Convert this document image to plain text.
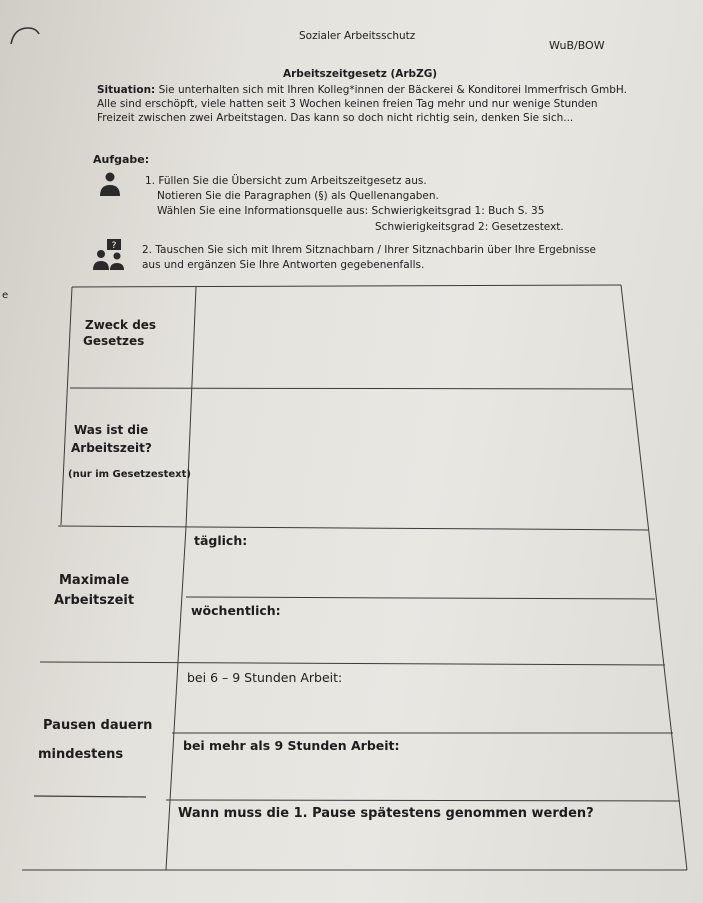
Sozialer Arbeitsschutz
WuB/BOW
Arbeitszeitgesetz (ArbZG)
Situation: Sie unterhalten sich mit Ihren Kolleg*innen der Bäckerei & Konditorei Immerfrisch GmbH.
Alle sind erschöpft, viele hatten seit 3 Wochen keinen freien Tag mehr und nur wenige Stunden
Freizeit zwischen zwei Arbeitstagen. Das kann so doch nicht richtig sein, denken Sie sich...
Aufgabe:
1. Füllen Sie die Übersicht zum Arbeitszeitgesetz aus.
Notieren Sie die Paragraphen (§) als Quellenangaben.
Wählen Sie eine Informationsquelle aus: Schwierigkeitsgrad 1: Buch S. 35
Schwierigkeitsgrad 2: Gesetzestext.
? 2. Tauschen Sie sich mit Ihrem Sitznachbarn / Ihrer Sitznachbarin über Ihre Ergebnisse
aus und ergänzen Sie Ihre Antworten gegebenenfalls.
e
Zweck des
Gesetzes
Was ist die
Arbeitszeit?
(nur im Gesetzestext)
Maximale
Arbeitszeit
täglich:
wöchentlich:
Pausen dauern
mindestens
bei 6 – 9 Stunden Arbeit:
bei mehr als 9 Stunden Arbeit:
Wann muss die 1. Pause spätestens genommen werden?
